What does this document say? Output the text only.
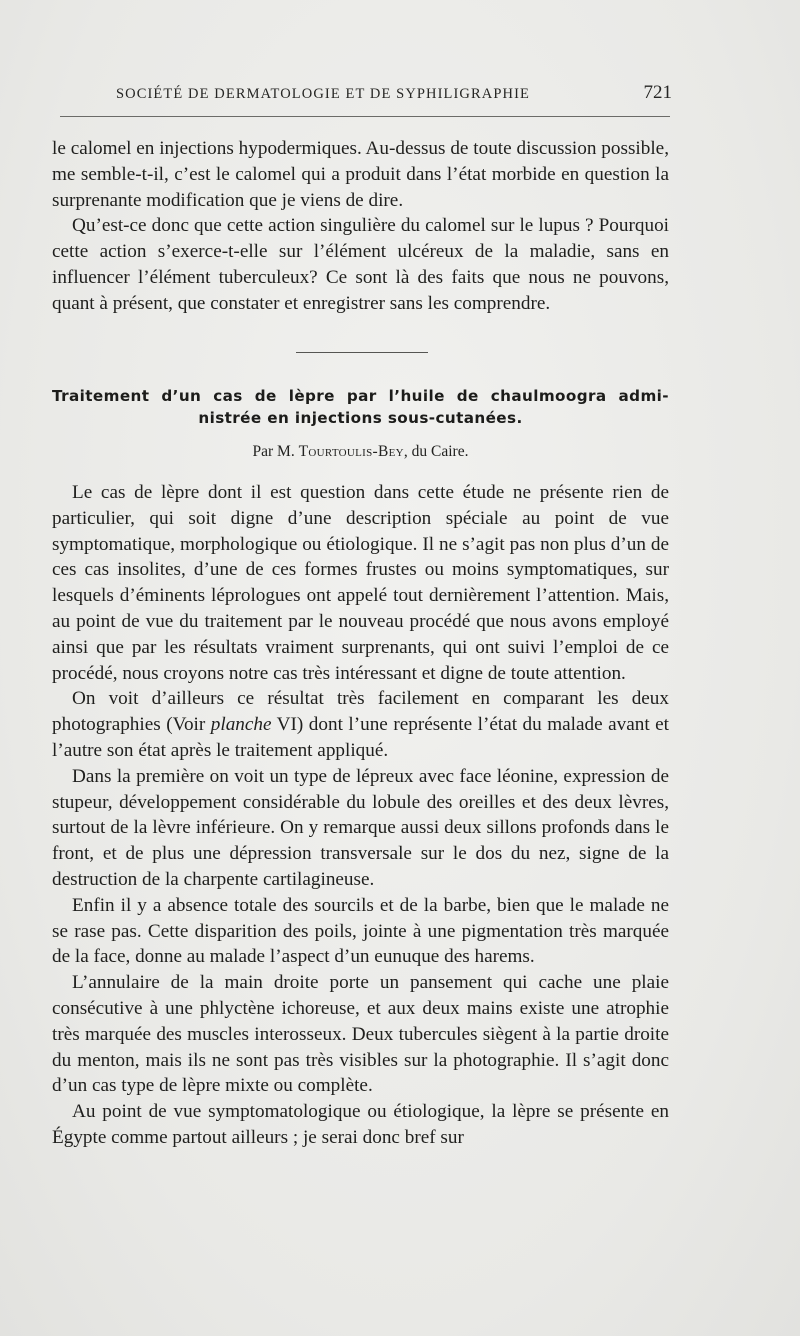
SOCIÉTÉ DE DERMATOLOGIE ET DE SYPHILIGRAPHIE	721

le calomel en injections hypodermiques. Au-dessus de toute discussion possible, me semble-t-il, c’est le calomel qui a produit dans l’état morbide en question la surprenante modification que je viens de dire.

Qu’est-ce donc que cette action singulière du calomel sur le lupus ? Pourquoi cette action s’exerce-t-elle sur l’élément ulcéreux de la maladie, sans en influencer l’élément tuberculeux? Ce sont là des faits que nous ne pouvons, quant à présent, que constater et enregistrer sans les comprendre.

Traitement d’un cas de lèpre par l’huile de chaulmoogra admi-
nistrée en injections sous-cutanées.
Par M. Tourtoulis-Bey, du Caire.

Le cas de lèpre dont il est question dans cette étude ne présente rien de particulier, qui soit digne d’une description spéciale au point de vue symptomatique, morphologique ou étiologique. Il ne s’agit pas non plus d’un de ces cas insolites, d’une de ces formes frustes ou moins symptomatiques, sur lesquels d’éminents léprologues ont appelé tout dernièrement l’attention. Mais, au point de vue du traitement par le nouveau procédé que nous avons employé ainsi que par les résultats vraiment surprenants, qui ont suivi l’emploi de ce procédé, nous croyons notre cas très intéressant et digne de toute attention.

On voit d’ailleurs ce résultat très facilement en comparant les deux photographies (Voir planche VI) dont l’une représente l’état du malade avant et l’autre son état après le traitement appliqué.

Dans la première on voit un type de lépreux avec face léonine, expression de stupeur, développement considérable du lobule des oreilles et des deux lèvres, surtout de la lèvre inférieure. On y remarque aussi deux sillons profonds dans le front, et de plus une dépression transversale sur le dos du nez, signe de la destruction de la charpente cartilagineuse.

Enfin il y a absence totale des sourcils et de la barbe, bien que le malade ne se rase pas. Cette disparition des poils, jointe à une pigmentation très marquée de la face, donne au malade l’aspect d’un eunuque des harems.

L’annulaire de la main droite porte un pansement qui cache une plaie consécutive à une phlyctène ichoreuse, et aux deux mains existe une atrophie très marquée des muscles interosseux. Deux tubercules siègent à la partie droite du menton, mais ils ne sont pas très visibles sur la photographie. Il s’agit donc d’un cas type de lèpre mixte ou complète.

Au point de vue symptomatologique ou étiologique, la lèpre se présente en Égypte comme partout ailleurs ; je serai donc bref sur
